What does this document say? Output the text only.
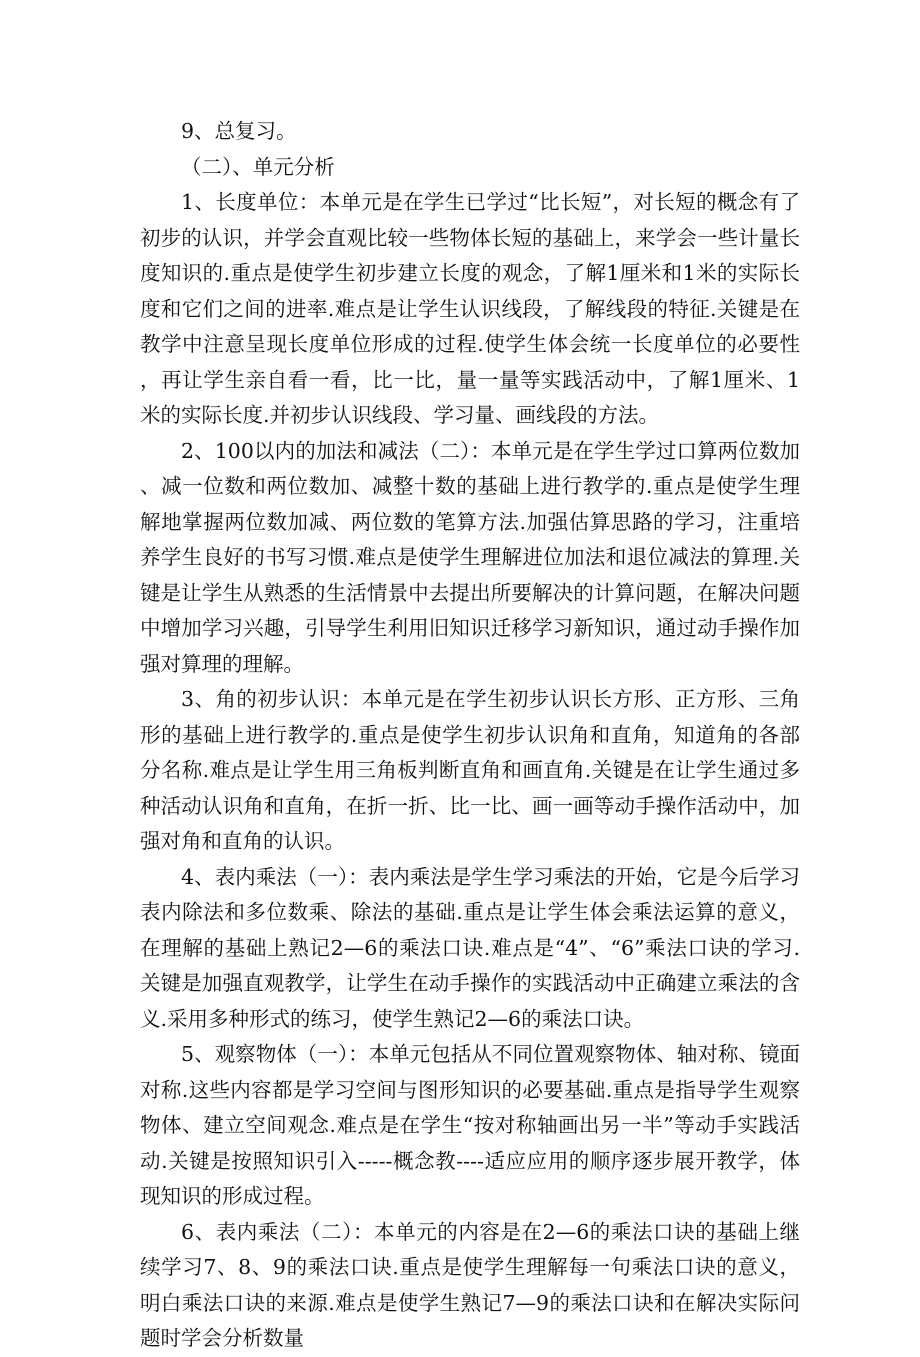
9、总复习。

（二）、单元分析

1、长度单位：本单元是在学生已学过“比长短”，对长短的概念有了初步的认识，并学会直观比较一些物体长短的基础上，来学会一些计量长度知识的.重点是使学生初步建立长度的观念，了解1厘米和1米的实际长度和它们之间的进率.难点是让学生认识线段，了解线段的特征.关键是在教学中注意呈现长度单位形成的过程.使学生体会统一长度单位的必要性，再让学生亲自看一看，比一比，量一量等实践活动中，了解1厘米、1米的实际长度.并初步认识线段、学习量、画线段的方法。

2、100以内的加法和减法（二）：本单元是在学生学过口算两位数加、减一位数和两位数加、减整十数的基础上进行教学的.重点是使学生理解地掌握两位数加减、两位数的笔算方法.加强估算思路的学习，注重培养学生良好的书写习惯.难点是使学生理解进位加法和退位减法的算理.关键是让学生从熟悉的生活情景中去提出所要解决的计算问题，在解决问题中增加学习兴趣，引导学生利用旧知识迁移学习新知识，通过动手操作加强对算理的理解。

3、角的初步认识：本单元是在学生初步认识长方形、正方形、三角形的基础上进行教学的.重点是使学生初步认识角和直角，知道角的各部分名称.难点是让学生用三角板判断直角和画直角.关键是在让学生通过多种活动认识角和直角，在折一折、比一比、画一画等动手操作活动中，加强对角和直角的认识。

4、表内乘法（一）：表内乘法是学生学习乘法的开始，它是今后学习表内除法和多位数乘、除法的基础.重点是让学生体会乘法运算的意义，在理解的基础上熟记2—6的乘法口诀.难点是“4”、“6”乘法口诀的学习.关键是加强直观教学，让学生在动手操作的实践活动中正确建立乘法的含义.采用多种形式的练习，使学生熟记2—6的乘法口诀。

5、观察物体（一）：本单元包括从不同位置观察物体、轴对称、镜面对称.这些内容都是学习空间与图形知识的必要基础.重点是指导学生观察物体、建立空间观念.难点是在学生“按对称轴画出另一半”等动手实践活动.关键是按照知识引入-----概念教----适应应用的顺序逐步展开教学，体现知识的形成过程。

6、表内乘法（二）：本单元的内容是在2—6的乘法口诀的基础上继续学习7、8、9的乘法口诀.重点是使学生理解每一句乘法口诀的意义，明白乘法口诀的来源.难点是使学生熟记7—9的乘法口诀和在解决实际问题时学会分析数量
